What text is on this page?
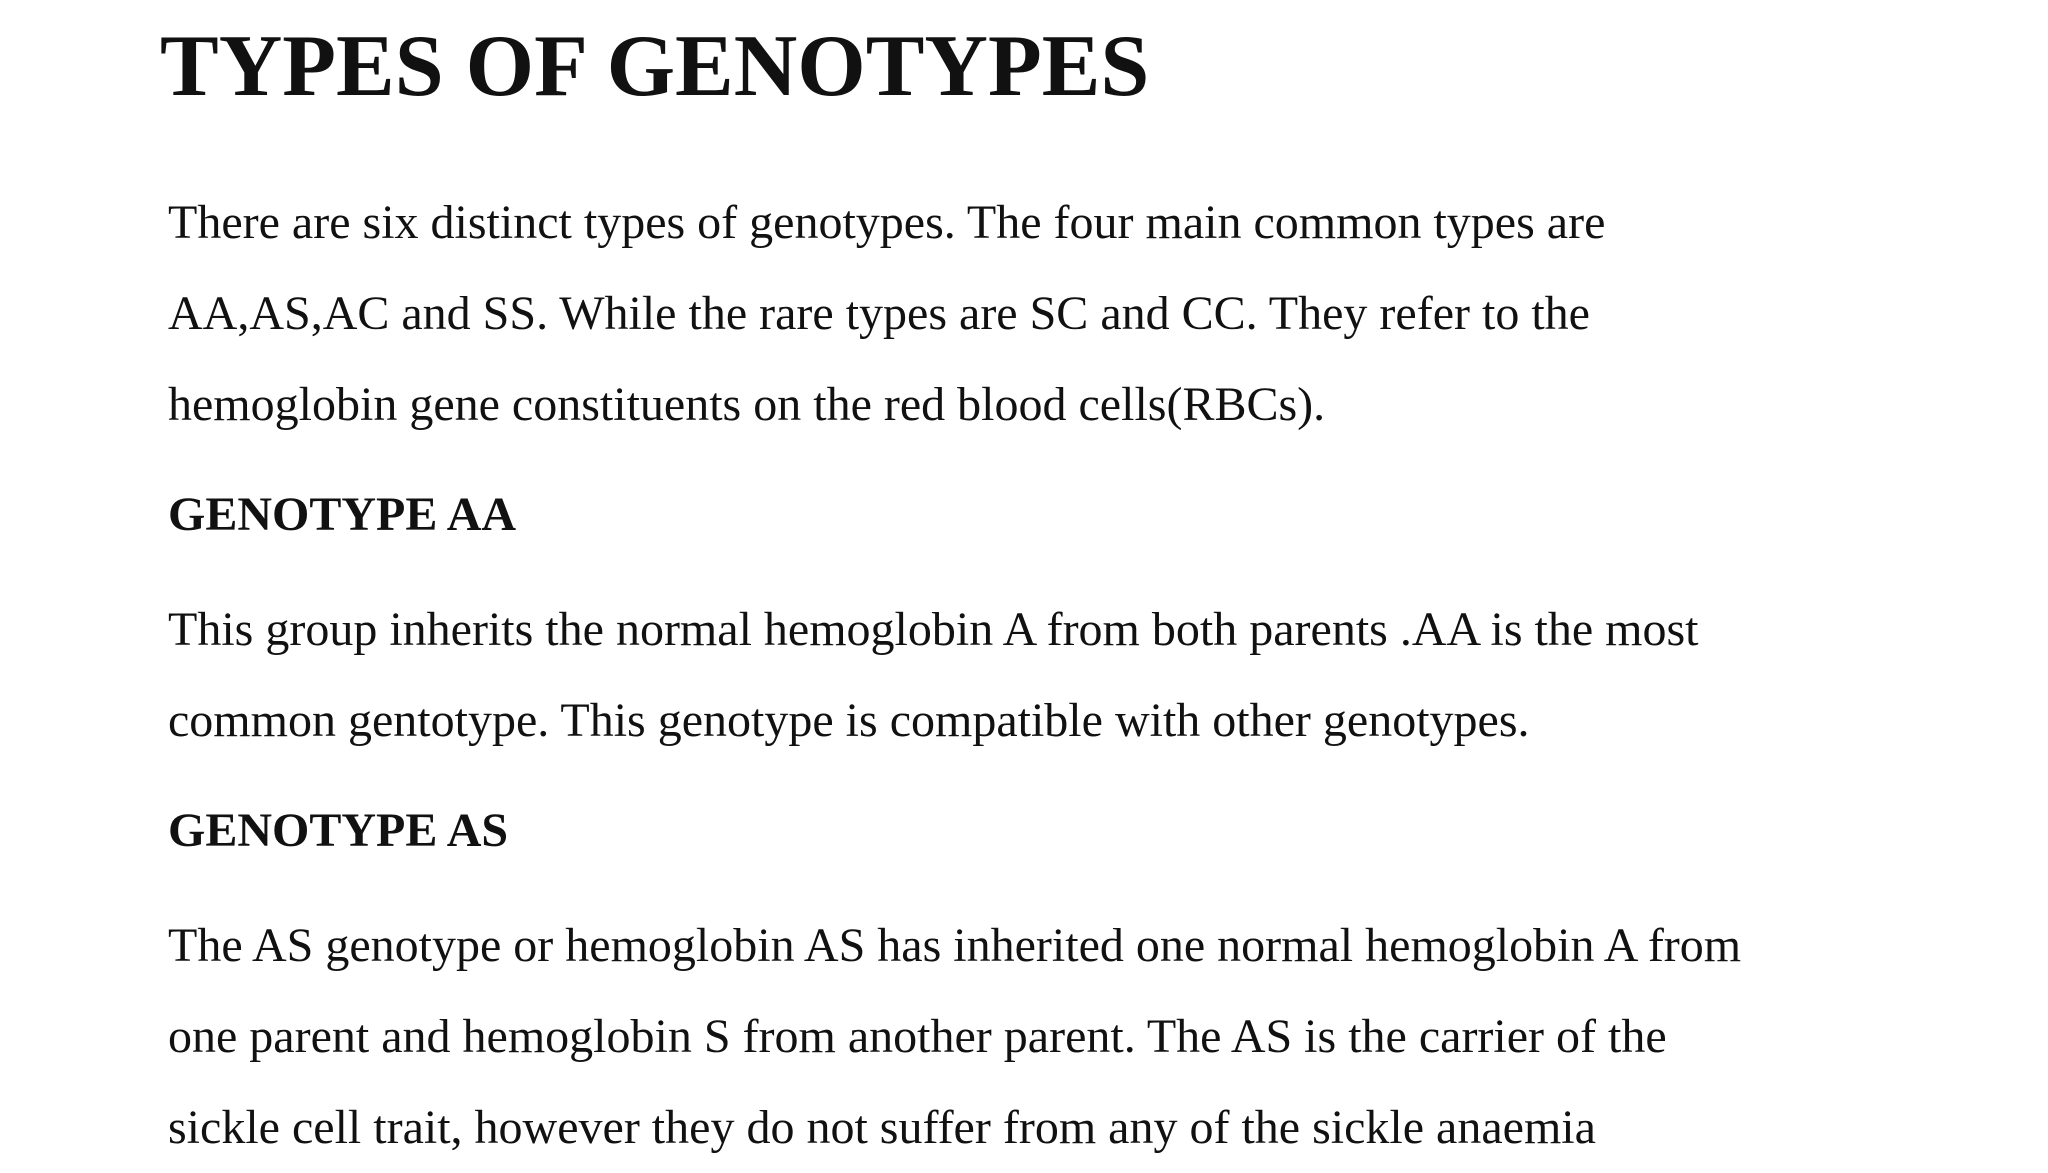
TYPES OF GENOTYPES

There are six distinct types of genotypes. The four main common types are
AA,AS,AC and SS. While the rare types are SC and CC. They refer to the
hemoglobin gene constituents on the red blood cells(RBCs).

GENOTYPE AA

This group inherits the normal hemoglobin A from both parents .AA is the most
common gentotype. This genotype is compatible with other genotypes.

GENOTYPE AS

The AS genotype or hemoglobin AS has inherited one normal hemoglobin A from
one parent and hemoglobin S from another parent. The AS is the carrier of the
sickle cell trait, however they do not suffer from any of the sickle anaemia
